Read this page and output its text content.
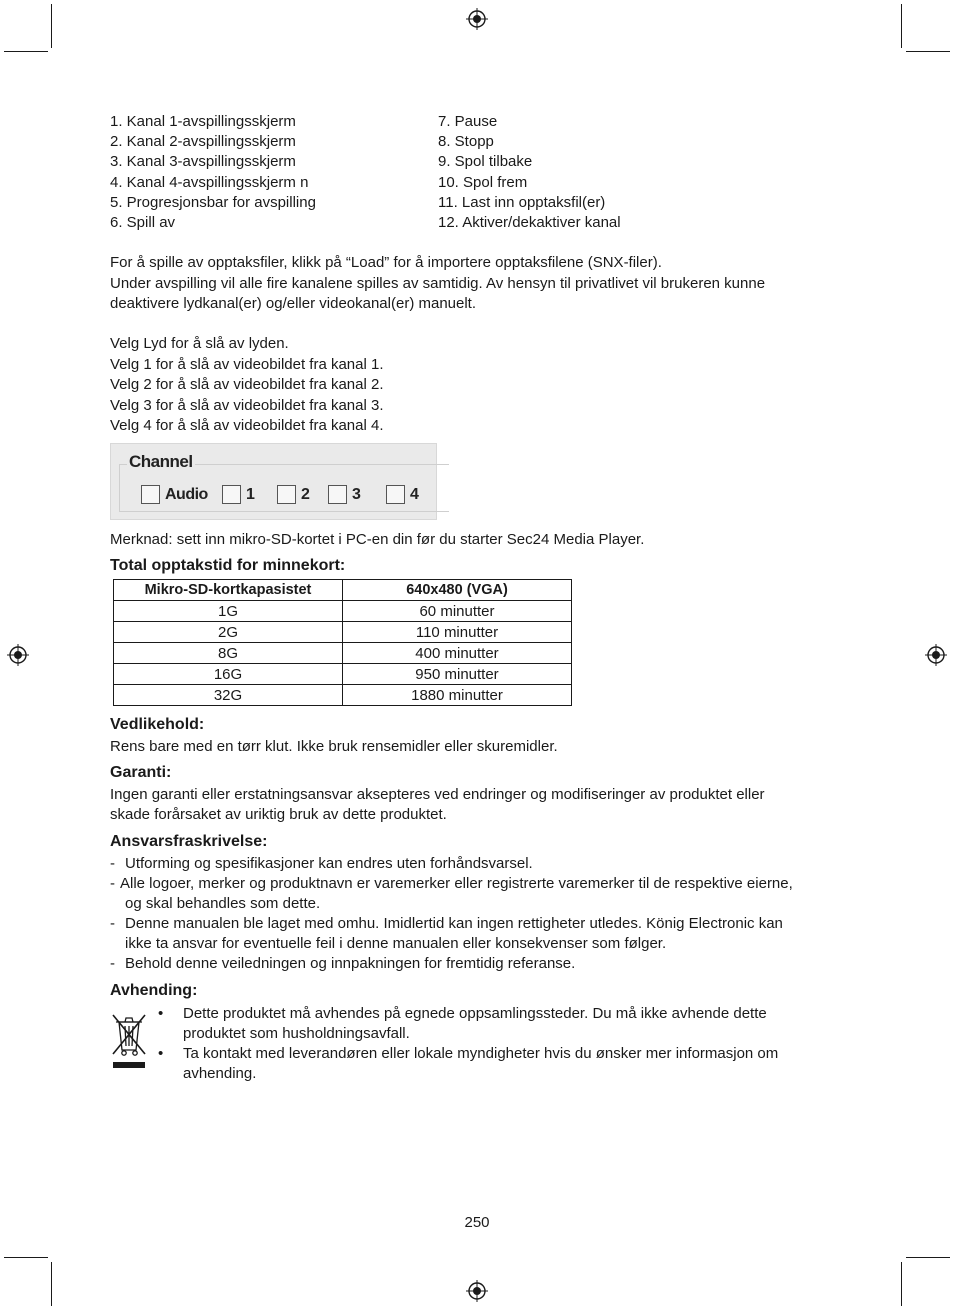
1. Kanal 1-avspillingsskjerm
2. Kanal 2-avspillingsskjerm
3. Kanal 3-avspillingsskjerm
4. Kanal 4-avspillingsskjerm n
5. Progresjonsbar for avspilling
6. Spill av
7. Pause
8. Stopp
9. Spol tilbake
10. Spol frem
11. Last inn opptaksfil(er)
12. Aktiver/dekaktiver kanal
For å spille av opptaksfiler, klikk på “Load” for å importere opptaksfilene (SNX-filer).
Under avspilling vil alle fire kanalene spilles av samtidig. Av hensyn til privatlivet vil brukeren kunne
deaktivere lydkanal(er) og/eller videokanal(er) manuelt.
Velg Lyd for å slå av lyden.
Velg 1 for å slå av videobildet fra kanal 1.
Velg 2 for å slå av videobildet fra kanal 2.
Velg 3 for å slå av videobildet fra kanal 3.
Velg 4 for å slå av videobildet fra kanal 4.
Channel
Audio 1	2	3	4
Merknad: sett inn mikro-SD-kortet i PC-en din før du starter Sec24 Media Player.
Total opptakstid for minnekort:
Mikro-SD-kortkapasistet	640x480 (VGA)
1G	60 minutter
2G	110 minutter
8G	400 minutter
16G	950 minutter
32G	1880 minutter
Vedlikehold:
Rens bare med en tørr klut. Ikke bruk rensemidler eller skuremidler.
Garanti:
Ingen garanti eller erstatningsansvar aksepteres ved endringer og modifiseringer av produktet eller
skade forårsaket av uriktig bruk av dette produktet.
Ansvarsfraskrivelse:
- Utforming og spesifikasjoner kan endres uten forhåndsvarsel.
- Alle logoer, merker og produktnavn er varemerker eller registrerte varemerker til de respektive eierne,
og skal behandles som dette.
- Denne manualen ble laget med omhu. Imidlertid kan ingen rettigheter utledes. König Electronic kan
ikke ta ansvar for eventuelle feil i denne manualen eller konsekvenser som følger.
- Behold denne veiledningen og innpakningen for fremtidig referanse.
Avhending:
• Dette produktet må avhendes på egnede oppsamlingssteder. Du må ikke avhende dette
produktet som husholdningsavfall.
• Ta kontakt med leverandøren eller lokale myndigheter hvis du ønsker mer informasjon om
avhending.
250
